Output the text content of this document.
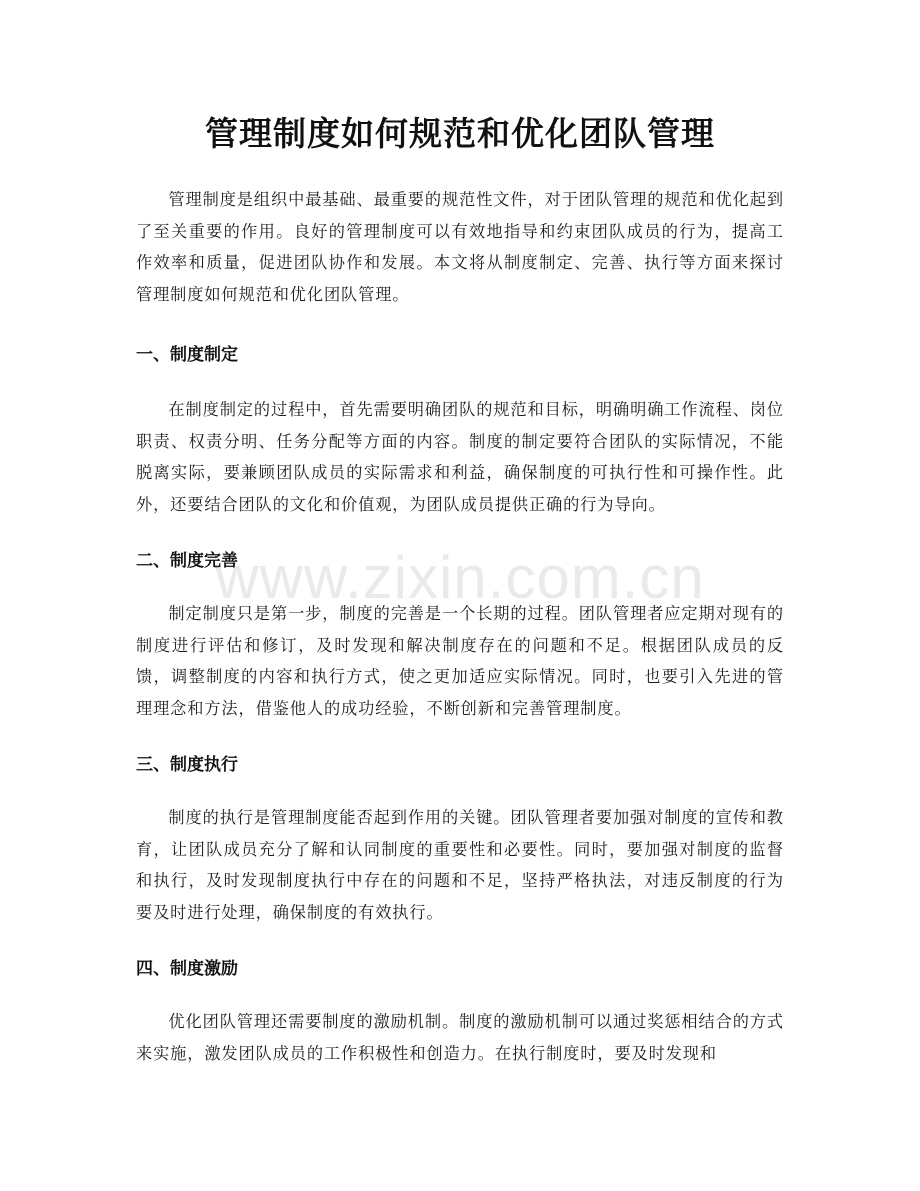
管理制度如何规范和优化团队管理

管理制度是组织中最基础、最重要的规范性文件，对于团队管理的规范和优化起到了至关重要的作用。良好的管理制度可以有效地指导和约束团队成员的行为，提高工作效率和质量，促进团队协作和发展。本文将从制度制定、完善、执行等方面来探讨管理制度如何规范和优化团队管理。

一、制度制定

在制度制定的过程中，首先需要明确团队的规范和目标，明确明确工作流程、岗位职责、权责分明、任务分配等方面的内容。制度的制定要符合团队的实际情况，不能脱离实际，要兼顾团队成员的实际需求和利益，确保制度的可执行性和可操作性。此外，还要结合团队的文化和价值观，为团队成员提供正确的行为导向。

二、制度完善

制定制度只是第一步，制度的完善是一个长期的过程。团队管理者应定期对现有的制度进行评估和修订，及时发现和解决制度存在的问题和不足。根据团队成员的反馈，调整制度的内容和执行方式，使之更加适应实际情况。同时，也要引入先进的管理理念和方法，借鉴他人的成功经验，不断创新和完善管理制度。

三、制度执行

制度的执行是管理制度能否起到作用的关键。团队管理者要加强对制度的宣传和教育，让团队成员充分了解和认同制度的重要性和必要性。同时，要加强对制度的监督和执行，及时发现制度执行中存在的问题和不足，坚持严格执法，对违反制度的行为要及时进行处理，确保制度的有效执行。

四、制度激励

优化团队管理还需要制度的激励机制。制度的激励机制可以通过奖惩相结合的方式来实施，激发团队成员的工作积极性和创造力。在执行制度时，要及时发现和

www.zixin.com.cn
